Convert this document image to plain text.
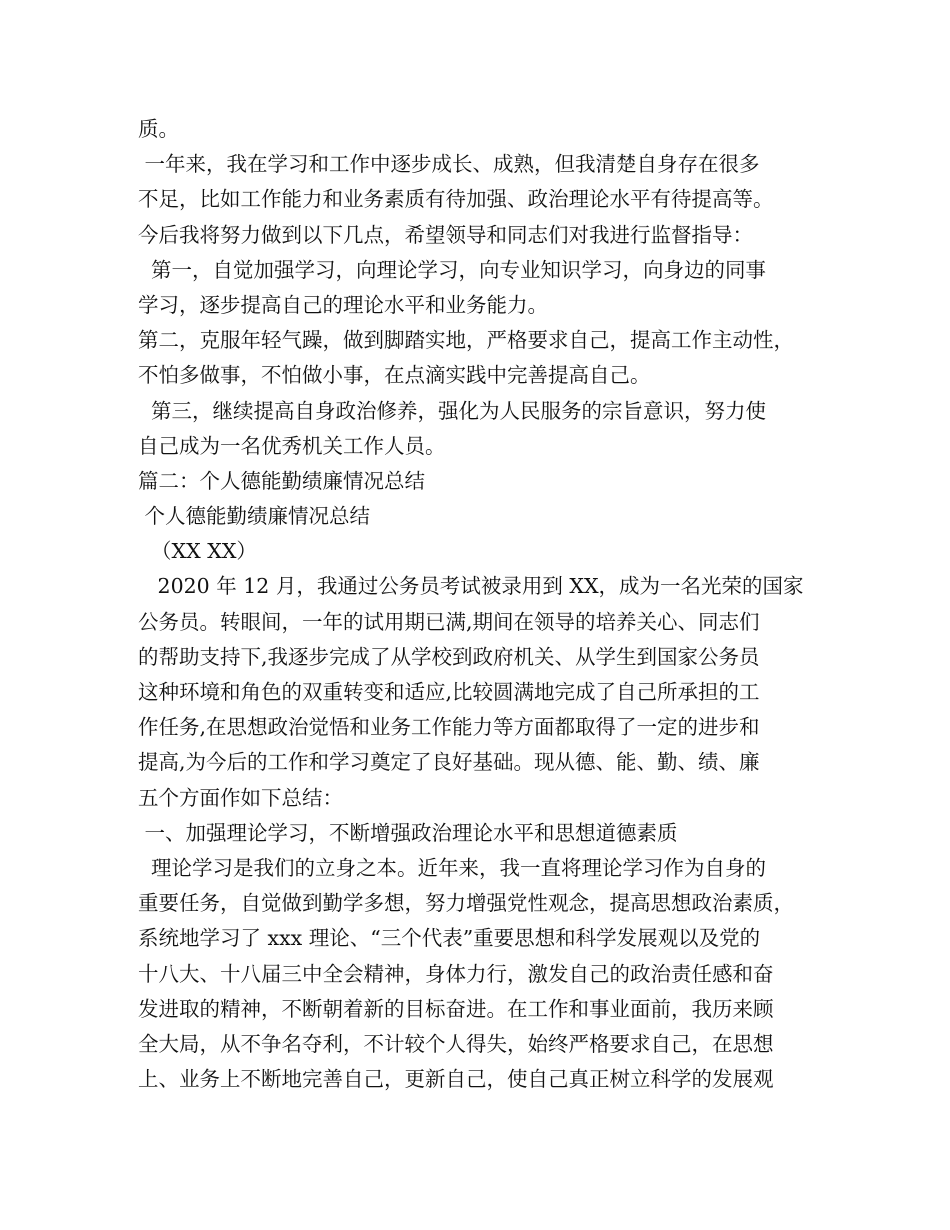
质。
一年来，我在学习和工作中逐步成长、成熟，但我清楚自身存在很多
不足，比如工作能力和业务素质有待加强、政治理论水平有待提高等。
今后我将努力做到以下几点，希望领导和同志们对我进行监督指导：
第一，自觉加强学习，向理论学习，向专业知识学习，向身边的同事
学习，逐步提高自己的理论水平和业务能力。
第二，克服年轻气躁，做到脚踏实地，严格要求自己，提高工作主动性，
不怕多做事，不怕做小事，在点滴实践中完善提高自己。
第三，继续提高自身政治修养，强化为人民服务的宗旨意识，努力使
自己成为一名优秀机关工作人员。
篇二：个人德能勤绩廉情况总结
个人德能勤绩廉情况总结
（XX XX）
2020 年 12 月，我通过公务员考试被录用到 XX，成为一名光荣的国家
公务员。转眼间，一年的试用期已满,期间在领导的培养关心、同志们
的帮助支持下,我逐步完成了从学校到政府机关、从学生到国家公务员
这种环境和角色的双重转变和适应,比较圆满地完成了自己所承担的工
作任务,在思想政治觉悟和业务工作能力等方面都取得了一定的进步和
提高,为今后的工作和学习奠定了良好基础。现从德、能、勤、绩、廉
五个方面作如下总结：
一、加强理论学习，不断增强政治理论水平和思想道德素质
理论学习是我们的立身之本。近年来，我一直将理论学习作为自身的
重要任务，自觉做到勤学多想，努力增强党性观念，提高思想政治素质，
系统地学习了 xxx 理论、“三个代表”重要思想和科学发展观以及党的
十八大、十八届三中全会精神，身体力行，激发自己的政治责任感和奋
发进取的精神，不断朝着新的目标奋进。在工作和事业面前，我历来顾
全大局，从不争名夺利，不计较个人得失，始终严格要求自己，在思想
上、业务上不断地完善自己，更新自己，使自己真正树立科学的发展观
